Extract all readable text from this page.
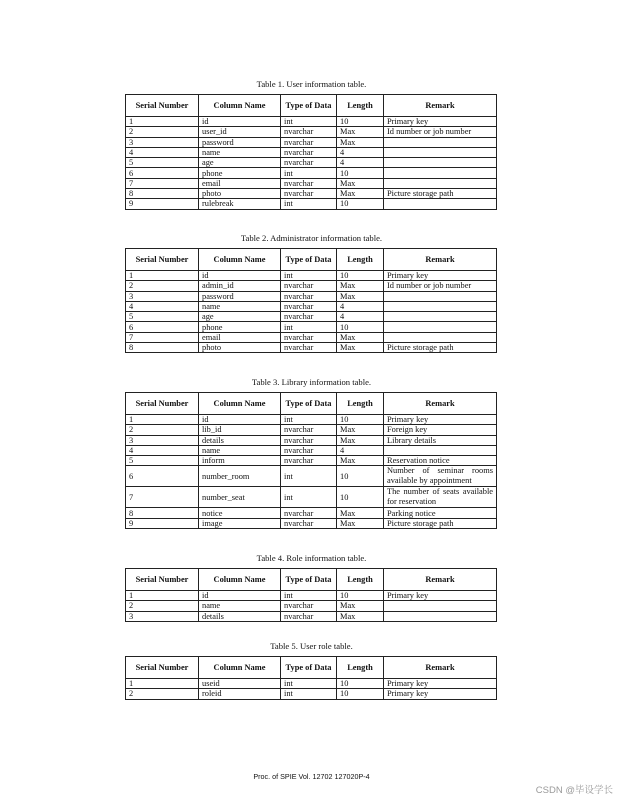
Table 1. User information table.
Serial Number	Column Name	Type of Data	Length	Remark
1	id	int	10	Primary key
2	user_id	nvarchar	Max	Id number or job number
3	password	nvarchar	Max	
4	name	nvarchar	4	
5	age	nvarchar	4	
6	phone	int	10	
7	email	nvarchar	Max	
8	photo	nvarchar	Max	Picture storage path
9	rulebreak	int	10	
Table 2. Administrator information table.
Serial Number	Column Name	Type of Data	Length	Remark
1	id	int	10	Primary key
2	admin_id	nvarchar	Max	Id number or job number
3	password	nvarchar	Max	
4	name	nvarchar	4	
5	age	nvarchar	4	
6	phone	int	10	
7	email	nvarchar	Max	
8	photo	nvarchar	Max	Picture storage path
Table 3. Library information table.
Serial Number	Column Name	Type of Data	Length	Remark
1	id	int	10	Primary key
2	lib_id	nvarchar	Max	Foreign key
3	details	nvarchar	Max	Library details
4	name	nvarchar	4	
5	inform	nvarchar	Max	Reservation notice
6	number_room	int	10	Number of seminar rooms available by appointment
7	number_seat	int	10	The number of seats available for reservation
8	notice	nvarchar	Max	Parking notice
9	image	nvarchar	Max	Picture storage path
Table 4. Role information table.
Serial Number	Column Name	Type of Data	Length	Remark
1	id	int	10	Primary key
2	name	nvarchar	Max	
3	details	nvarchar	Max	
Table 5. User role table.
Serial Number	Column Name	Type of Data	Length	Remark
1	useid	int	10	Primary key
2	roleid	int	10	Primary key
Proc. of SPIE Vol. 12702 127020P-4
CSDN @毕设学长
